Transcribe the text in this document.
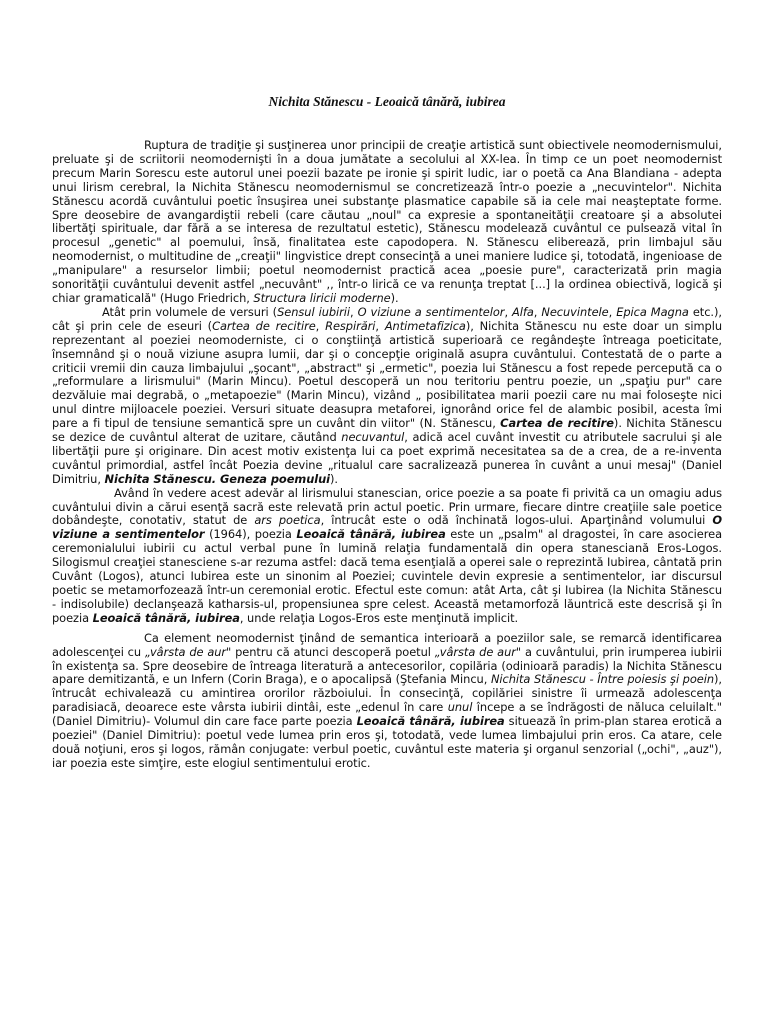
Nichita Stănescu - Leoaică tânără, iubirea

Ruptura de tradiţie şi susţinerea unor principii de creaţie artistică sunt obiectivele neomodernismului, preluate şi de scriitorii neomodernişti în a doua jumătate a secolului al XX-lea. În timp ce un poet neomodernist precum Marin Sorescu este autorul unei poezii bazate pe ironie şi spirit ludic, iar o poetă ca Ana Blandiana - adepta unui lirism cerebral, la Nichita Stănescu neomodernismul se concretizează într-o poezie a „necuvintelor". Nichita Stănescu acordă cuvântului poetic însuşirea unei substanţe plasmatice capabile să ia cele mai neaşteptate forme. Spre deosebire de avangardiştii rebeli (care căutau „noul" ca expresie a spontaneităţii creatoare şi a absolutei libertăţi spirituale, dar fără a se interesa de rezultatul estetic), Stănescu modelează cuvântul ce pulsează vital în procesul „genetic" al poemului, însă, finalitatea este capodopera. N. Stănescu eliberează, prin limbajul său neomodernist, o multitudine de „creaţii" lingvistice drept consecinţă a unei maniere ludice şi, totodată, ingenioase de „manipulare" a resurselor limbii; poetul neomodernist practică acea „poesie pure", caracterizată prin magia sonorităţii cuvântului devenit astfel „necuvânt" ,, într-o lirică ce va renunţa treptat [...] la ordinea obiectivă, logică şi chiar gramaticală" (Hugo Friedrich, Structura liricii moderne).

Atât prin volumele de versuri (Sensul iubirii, O viziune a sentimentelor, Alfa, Necuvintele, Epica Magna etc.), cât şi prin cele de eseuri (Cartea de recitire, Respirări, Antimetafizica), Nichita Stănescu nu este doar un simplu reprezentant al poeziei neomoderniste, ci o conştiinţă artistică superioară ce regândeşte întreaga poeticitate, însemnând şi o nouă viziune asupra lumii, dar şi o concepţie originală asupra cuvântului. Contestată de o parte a criticii vremii din cauza limbajului „şocant", „abstract" şi „ermetic", poezia lui Stănescu a fost repede percepută ca o „reformulare a lirismului" (Marin Mincu). Poetul descoperă un nou teritoriu pentru poezie, un „spaţiu pur" care dezvăluie mai degrabă, o „metapoezie" (Marin Mincu), vizând „ posibilitatea marii poezii care nu mai foloseşte nici unul dintre mijloacele poeziei. Versuri situate deasupra metaforei, ignorând orice fel de alambic posibil, acesta îmi pare a fi tipul de tensiune semantică spre un cuvânt din viitor" (N. Stănescu, Cartea de recitire). Nichita Stănescu se dezice de cuvântul alterat de uzitare, căutând necuvantul, adică acel cuvânt investit cu atributele sacrului şi ale libertăţii pure şi originare. Din acest motiv existenţa lui ca poet exprimă necesitatea sa de a crea, de a re-inventa cuvântul primordial, astfel încât Poezia devine „ritualul care sacralizează punerea în cuvânt a unui mesaj" (Daniel Dimitriu, Nichita Stănescu. Geneza poemului).

Având în vedere acest adevăr al lirismului stanescian, orice poezie a sa poate fi privită ca un omagiu adus cuvântului divin a cărui esenţă sacră este relevată prin actul poetic. Prin urmare, fiecare dintre creaţiile sale poetice dobândeşte, conotativ, statut de ars poetica, întrucât este o odă închinată logos-ului. Aparţinând volumului O viziune a sentimentelor (1964), poezia Leoaică tânără, iubirea este un „psalm" al dragostei, în care asocierea ceremonialului iubirii cu actul verbal pune în lumină relaţia fundamentală din opera stanesciană Eros-Logos. Silogismul creaţiei stanesciene s-ar rezuma astfel: dacă tema esenţială a operei sale o reprezintă Iubirea, cântată prin Cuvânt (Logos), atunci Iubirea este un sinonim al Poeziei; cuvintele devin expresie a sentimentelor, iar discursul poetic se metamorfozează într-un ceremonial erotic. Efectul este comun: atât Arta, cât şi Iubirea (la Nichita Stănescu - indisolubile) declanşează katharsis-ul, propensiunea spre celest. Această metamorfoză lăuntrică este descrisă şi în poezia Leoaică tânără, iubirea, unde relaţia Logos-Eros este menţinută implicit.

Ca element neomodernist ţinând de semantica interioară a poeziilor sale, se remarcă identificarea adolescenţei cu „vârsta de aur" pentru că atunci descoperă poetul „vârsta de aur" a cuvântului, prin irumperea iubirii în existenţa sa. Spre deosebire de întreaga literatură a antecesorilor, copilăria (odinioară paradis) la Nichita Stănescu apare demitizantă, e un Infern (Corin Braga), e o apocalipsă (Ştefania Mincu, Nichita Stănescu - Între poiesis şi poein), întrucât echivalează cu amintirea ororilor războiului. În consecinţă, copilăriei sinistre îi urmează adolescenţa paradisiacă, deoarece este vârsta iubirii dintâi, este „edenul în care unul începe a se îndrăgosti de năluca celuilalt." (Daniel Dimitriu)- Volumul din care face parte poezia Leoaică tânără, iubirea situează în prim-plan starea erotică a poeziei" (Daniel Dimitriu): poetul vede lumea prin eros şi, totodată, vede lumea limbajului prin eros. Ca atare, cele două noţiuni, eros şi logos, rămân conjugate: verbul poetic, cuvântul este materia şi organul senzorial („ochi", „auz"), iar poezia este simţire, este elogiul sentimentului erotic.
